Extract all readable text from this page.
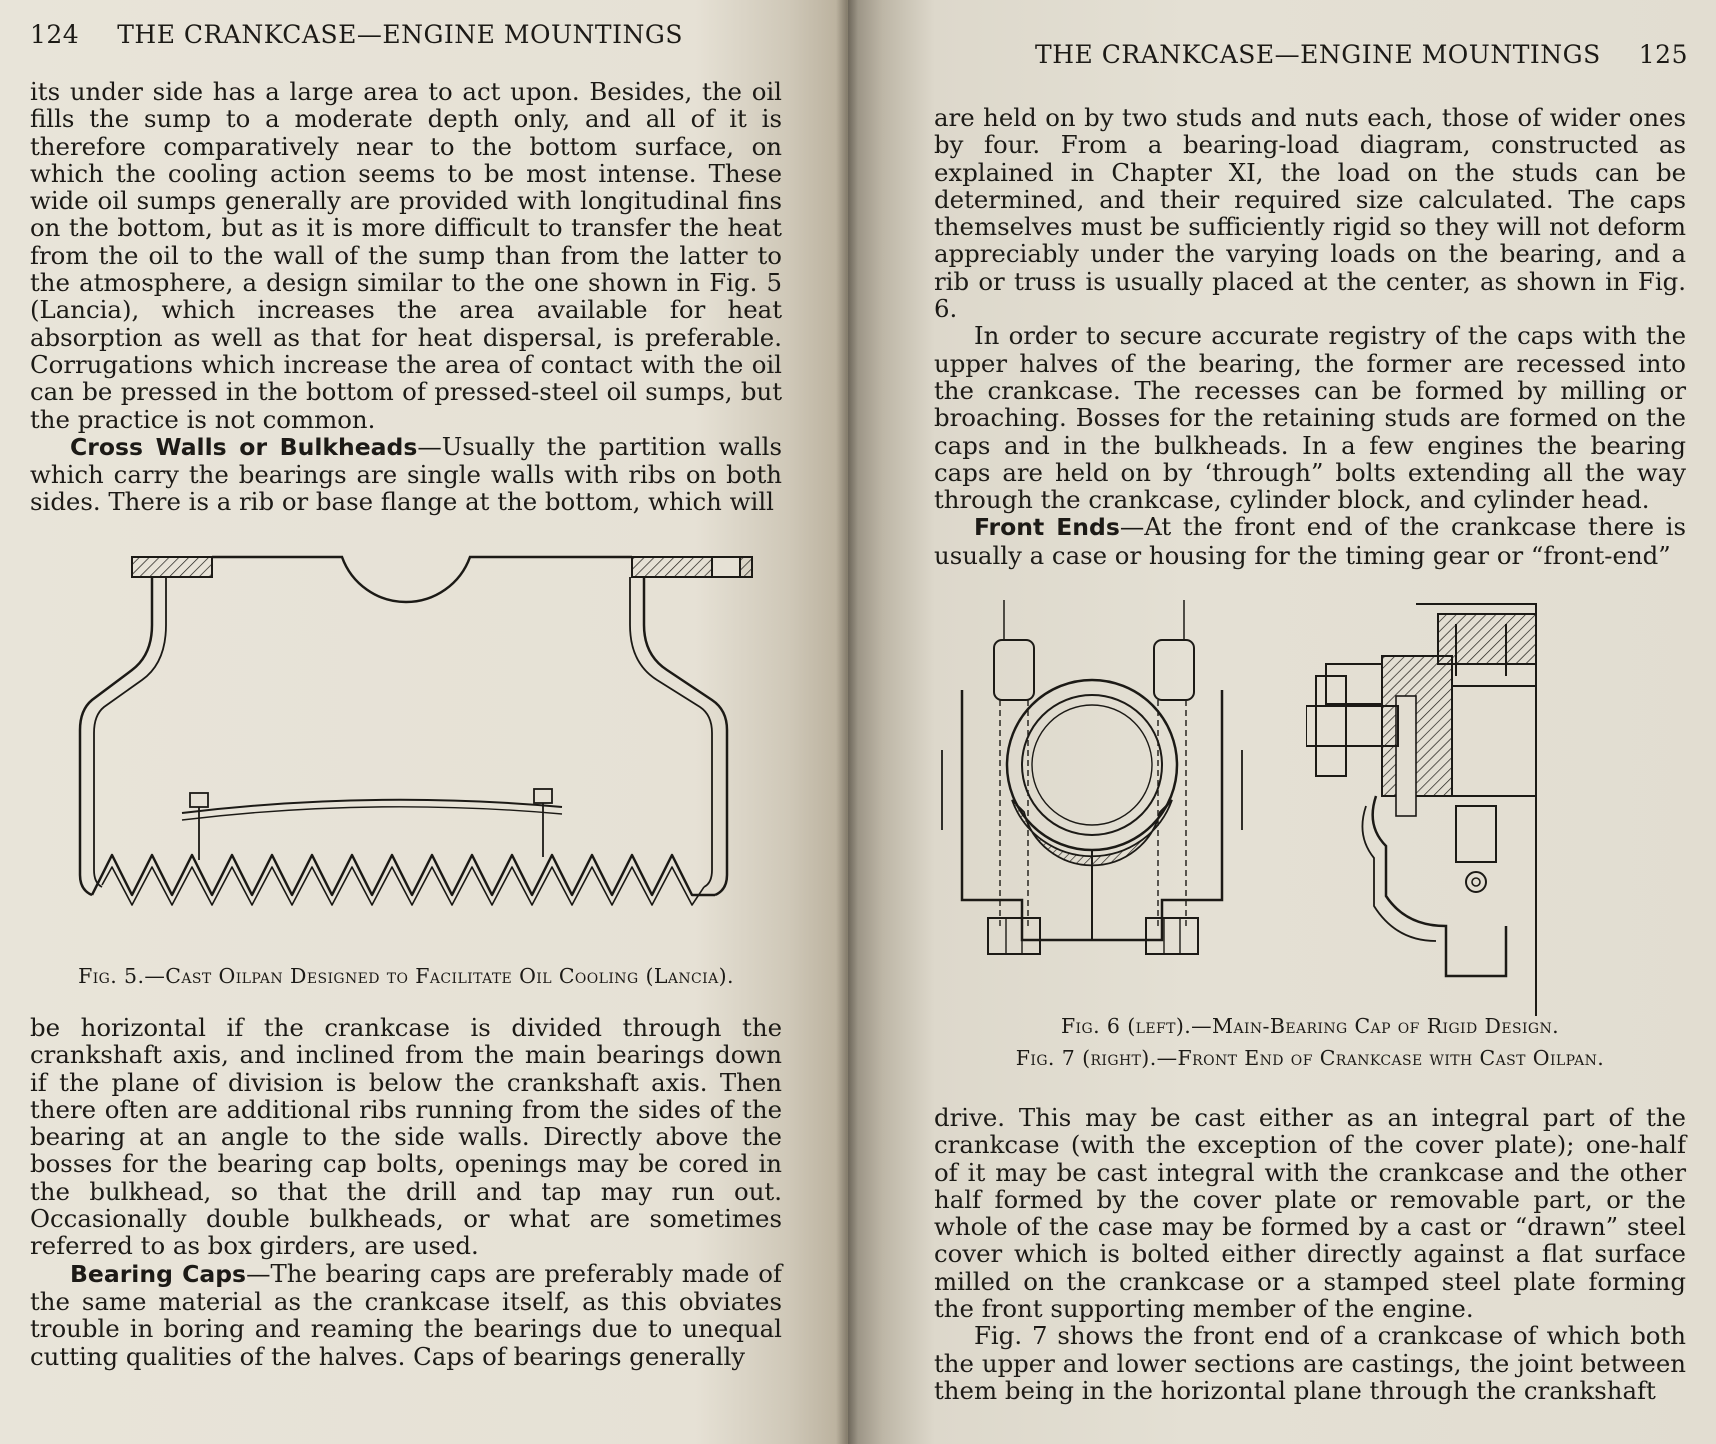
124 THE CRANKCASE—ENGINE MOUNTINGS

its under side has a large area to act upon. Besides, the oil fills the sump to a moderate depth only, and all of it is therefore comparatively near to the bottom surface, on which the cooling action seems to be most intense. These wide oil sumps generally are provided with longitudinal fins on the bottom, but as it is more difficult to transfer the heat from the oil to the wall of the sump than from the latter to the atmosphere, a design similar to the one shown in Fig. 5 (Lancia), which increases the area available for heat absorption as well as that for heat dispersal, is preferable. Corrugations which increase the area of contact with the oil can be pressed in the bottom of pressed-steel oil sumps, but the practice is not common.

Cross Walls or Bulkheads—Usually the partition walls which carry the bearings are single walls with ribs on both sides. There is a rib or base flange at the bottom, which will

Fig. 5.—Cast Oilpan Designed to Facilitate Oil Cooling (Lancia).

be horizontal if the crankcase is divided through the crankshaft axis, and inclined from the main bearings down if the plane of division is below the crankshaft axis. Then there often are additional ribs running from the sides of the bearing at an angle to the side walls. Directly above the bosses for the bearing cap bolts, openings may be cored in the bulkhead, so that the drill and tap may run out. Occasionally double bulkheads, or what are sometimes referred to as box girders, are used.

Bearing Caps—The bearing caps are preferably made of the same material as the crankcase itself, as this obviates trouble in boring and reaming the bearings due to unequal cutting qualities of the halves. Caps of bearings generally

THE CRANKCASE—ENGINE MOUNTINGS 125

are held on by two studs and nuts each, those of wider ones by four. From a bearing-load diagram, constructed as explained in Chapter XI, the load on the studs can be determined, and their required size calculated. The caps themselves must be sufficiently rigid so they will not deform appreciably under the varying loads on the bearing, and a rib or truss is usually placed at the center, as shown in Fig. 6.

In order to secure accurate registry of the caps with the upper halves of the bearing, the former are recessed into the crankcase. The recesses can be formed by milling or broaching. Bosses for the retaining studs are formed on the caps and in the bulkheads. In a few engines the bearing caps are held on by ‘through” bolts extending all the way through the crankcase, cylinder block, and cylinder head.

Front Ends—At the front end of the crankcase there is usually a case or housing for the timing gear or “front-end”

Fig. 6 (left).—Main-Bearing Cap of Rigid Design.
Fig. 7 (right).—Front End of Crankcase with Cast Oilpan.

drive. This may be cast either as an integral part of the crankcase (with the exception of the cover plate); one-half of it may be cast integral with the crankcase and the other half formed by the cover plate or removable part, or the whole of the case may be formed by a cast or “drawn” steel cover which is bolted either directly against a flat surface milled on the crankcase or a stamped steel plate forming the front supporting member of the engine.

Fig. 7 shows the front end of a crankcase of which both the upper and lower sections are castings, the joint between them being in the horizontal plane through the crankshaft
